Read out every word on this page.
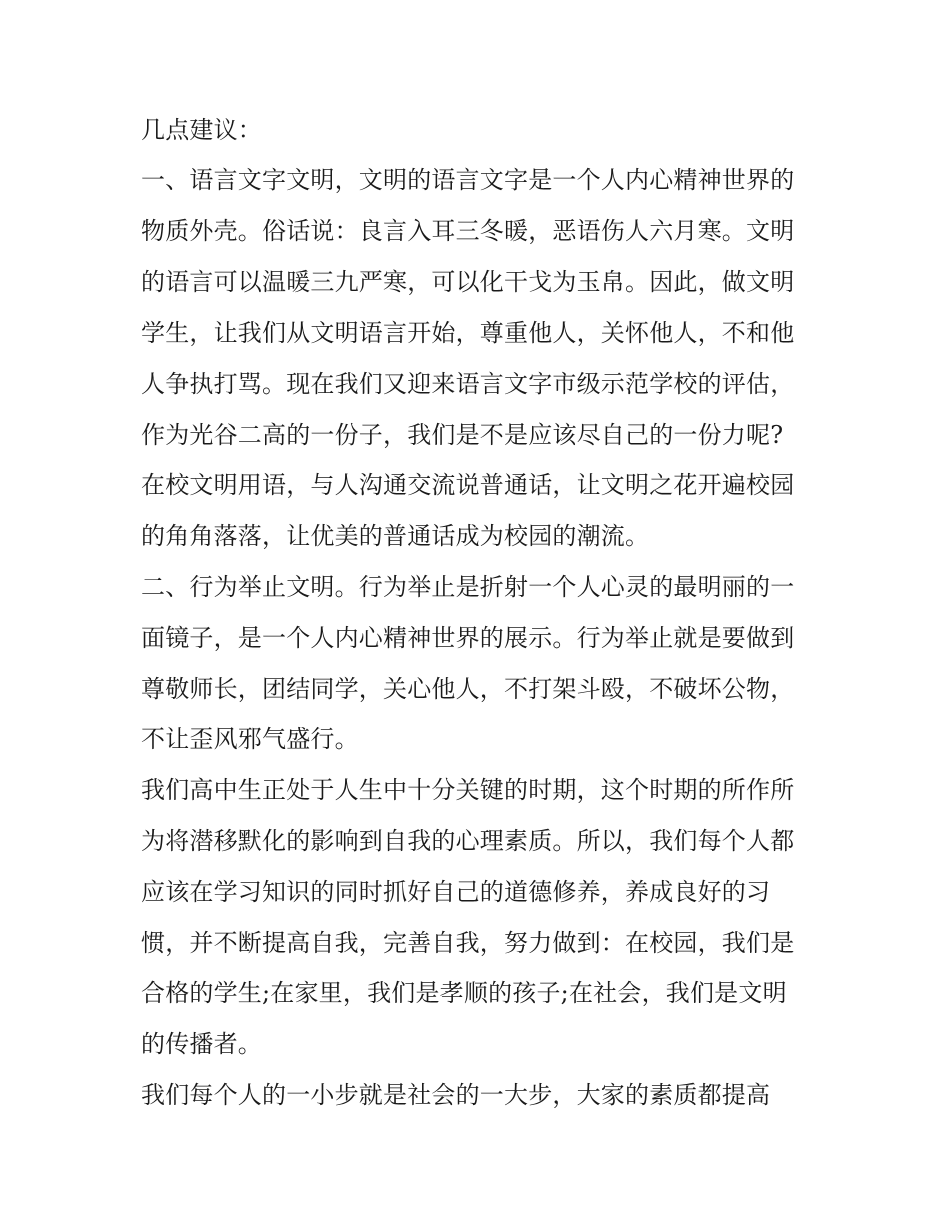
几点建议：
一、语言文字文明，文明的语言文字是一个人内心精神世界的
物质外壳。俗话说：良言入耳三冬暖，恶语伤人六月寒。文明
的语言可以温暖三九严寒，可以化干戈为玉帛。因此，做文明
学生，让我们从文明语言开始，尊重他人，关怀他人，不和他
人争执打骂。现在我们又迎来语言文字市级示范学校的评估，
作为光谷二高的一份子，我们是不是应该尽自己的一份力呢?
在校文明用语，与人沟通交流说普通话，让文明之花开遍校园
的角角落落，让优美的普通话成为校园的潮流。
二、行为举止文明。行为举止是折射一个人心灵的最明丽的一
面镜子，是一个人内心精神世界的展示。行为举止就是要做到
尊敬师长，团结同学，关心他人，不打架斗殴，不破坏公物，
不让歪风邪气盛行。
我们高中生正处于人生中十分关键的时期，这个时期的所作所
为将潜移默化的影响到自我的心理素质。所以，我们每个人都
应该在学习知识的同时抓好自己的道德修养，养成良好的习
惯，并不断提高自我，完善自我，努力做到：在校园，我们是
合格的学生;在家里，我们是孝顺的孩子;在社会，我们是文明
的传播者。
我们每个人的一小步就是社会的一大步，大家的素质都提高
